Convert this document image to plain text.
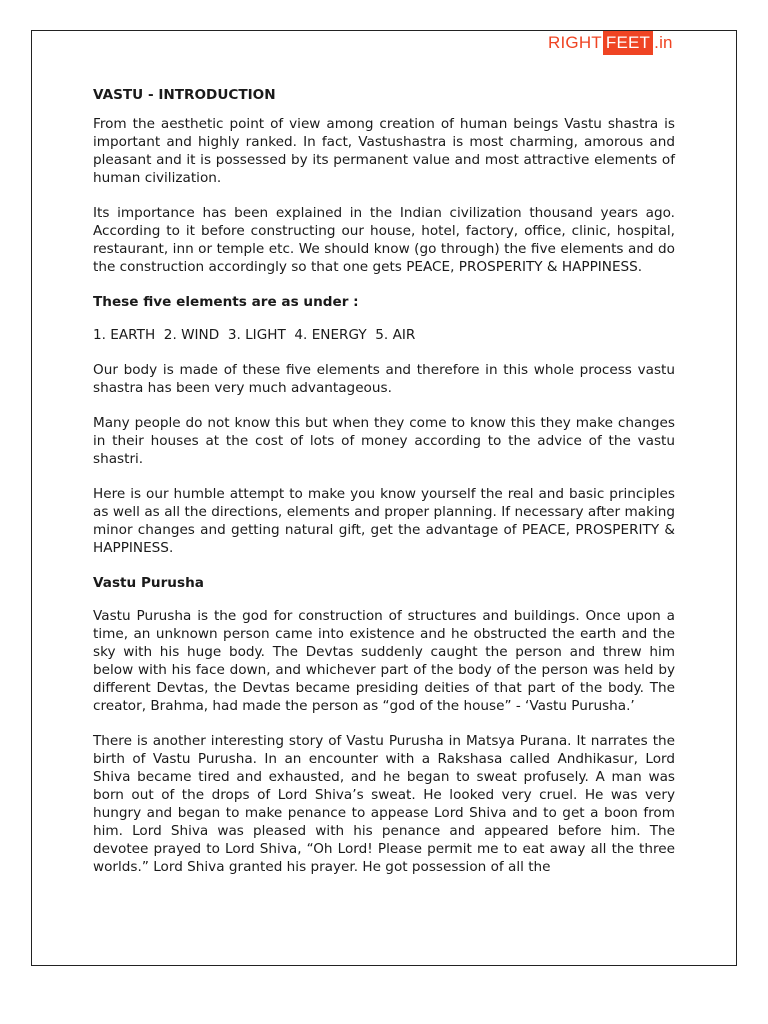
RIGHT FEET .in
VASTU - INTRODUCTION

From the aesthetic point of view among creation of human beings Vastu shastra is important and highly ranked. In fact, Vastushastra is most charming, amorous and pleasant and it is possessed by its permanent value and most attractive elements of human civilization.

Its importance has been explained in the Indian civilization thousand years ago. According to it before constructing our house, hotel, factory, office, clinic, hospital, restaurant, inn or temple etc. We should know (go through) the five elements and do the construction accordingly so that one gets PEACE, PROSPERITY & HAPPINESS.

These five elements are as under :

1. EARTH  2. WIND  3. LIGHT  4. ENERGY  5. AIR

Our body is made of these five elements and therefore in this whole process vastu shastra has been very much advantageous.

Many people do not know this but when they come to know this they make changes in their houses at the cost of lots of money according to the advice of the vastu shastri.

Here is our humble attempt to make you know yourself the real and basic principles as well as all the directions, elements and proper planning. If necessary after making minor changes and getting natural gift, get the advantage of PEACE, PROSPERITY & HAPPINESS.

Vastu Purusha

Vastu Purusha is the god for construction of structures and buildings. Once upon a time, an unknown person came into existence and he obstructed the earth and the sky with his huge body. The Devtas suddenly caught the person and threw him below with his face down, and whichever part of the body of the person was held by different Devtas, the Devtas became presiding deities of that part of the body. The creator, Brahma, had made the person as “god of the house” - ‘Vastu Purusha.’

There is another interesting story of Vastu Purusha in Matsya Purana. It narrates the birth of Vastu Purusha. In an encounter with a Rakshasa called Andhikasur, Lord Shiva became tired and exhausted, and he began to sweat profusely. A man was born out of the drops of Lord Shiva’s sweat. He looked very cruel. He was very hungry and began to make penance to appease Lord Shiva and to get a boon from him. Lord Shiva was pleased with his penance and appeared before him. The devotee prayed to Lord Shiva, “Oh Lord! Please permit me to eat away all the three worlds.” Lord Shiva granted his prayer. He got possession of all the
